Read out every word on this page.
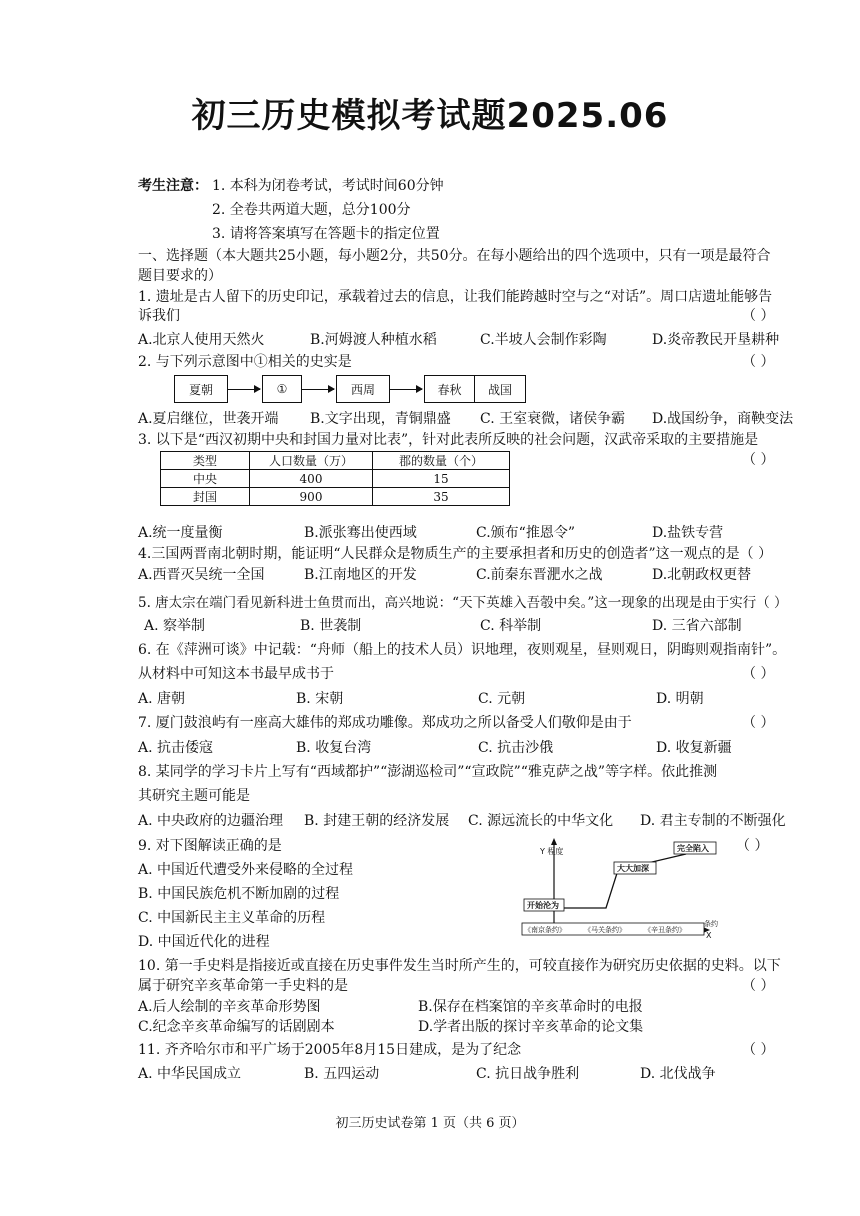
初三历史模拟考试题2025.06
考生注意： 1. 本科为闭卷考试，考试时间60分钟
2. 全卷共两道大题，总分100分
3. 请将答案填写在答题卡的指定位置
一、选择题（本大题共25小题，每小题2分，共50分。在每小题给出的四个选项中，只有一项是最符合
题目要求的）
1. 遗址是古人留下的历史印记，承载着过去的信息，让我们能跨越时空与之“对话”。周口店遗址能够告
诉我们	（ ）
A.北京人使用天然火	B.河姆渡人种植水稻	C.半坡人会制作彩陶	D.炎帝教民开垦耕种
2. 与下列示意图中①相关的史实是	（ ）
夏朝	①	西周	春秋	战国
A.夏启继位，世袭开端 B.文字出现，青铜鼎盛 C. 王室衰微，诸侯争霸 D.战国纷争，商鞅变法
3. 以下是“西汉初期中央和封国力量对比表”，针对此表所反映的社会问题，汉武帝采取的主要措施是
（ ）
类型	人口数量（万）	郡的数量（个）
中央	400	15
封国	900	35
A.统一度量衡	B.派张骞出使西域	C.颁布“推恩令”	D.盐铁专营
4.三国两晋南北朝时期，能证明“人民群众是物质生产的主要承担者和历史的创造者”这一观点的是（ ）
A.西晋灭吴统一全国	B.江南地区的开发	C.前秦东晋淝水之战	D.北朝政权更替
5. 唐太宗在端门看见新科进士鱼贯而出，高兴地说：“天下英雄入吾彀中矣。”这一现象的出现是由于实行（ ）
A. 察举制	B. 世袭制	C. 科举制	D. 三省六部制
6. 在《萍洲可谈》中记载：“舟师（船上的技术人员）识地理，夜则观星，昼则观日，阴晦则观指南针”。
从材料中可知这本书最早成书于	（ ）
A. 唐朝	B. 宋朝	C. 元朝	D. 明朝
7. 厦门鼓浪屿有一座高大雄伟的郑成功雕像。郑成功之所以备受人们敬仰是由于	（ ）
A. 抗击倭寇	B. 收复台湾	C. 抗击沙俄	D. 收复新疆
8. 某同学的学习卡片上写有“西域都护”“澎湖巡检司”“宣政院”“雅克萨之战”等字样。依此推测
其研究主题可能是
A. 中央政府的边疆治理 B. 封建王朝的经济发展 C. 源远流长的中华文化 D. 君主专制的不断强化
9. 对下图解读正确的是	（ ）
A. 中国近代遭受外来侵略的全过程
B. 中国民族危机不断加剧的过程
C. 中国新民主主义革命的历程
D. 中国近代化的进程
Y 程度
条约
X
开始沦为
大大加深
完全陷入
《南京条约》	《马关条约》	《辛丑条约》
10. 第一手史料是指接近或直接在历史事件发生当时所产生的，可较直接作为研究历史依据的史料。以下
属于研究辛亥革命第一手史料的是	（ ）
A.后人绘制的辛亥革命形势图	B.保存在档案馆的辛亥革命时的电报
C.纪念辛亥革命编写的话剧剧本	D.学者出版的探讨辛亥革命的论文集
11. 齐齐哈尔市和平广场于2005年8月15日建成，是为了纪念	（ ）
A. 中华民国成立	B. 五四运动	C. 抗日战争胜利	D. 北伐战争
初三历史试卷第 1 页（共 6 页）
